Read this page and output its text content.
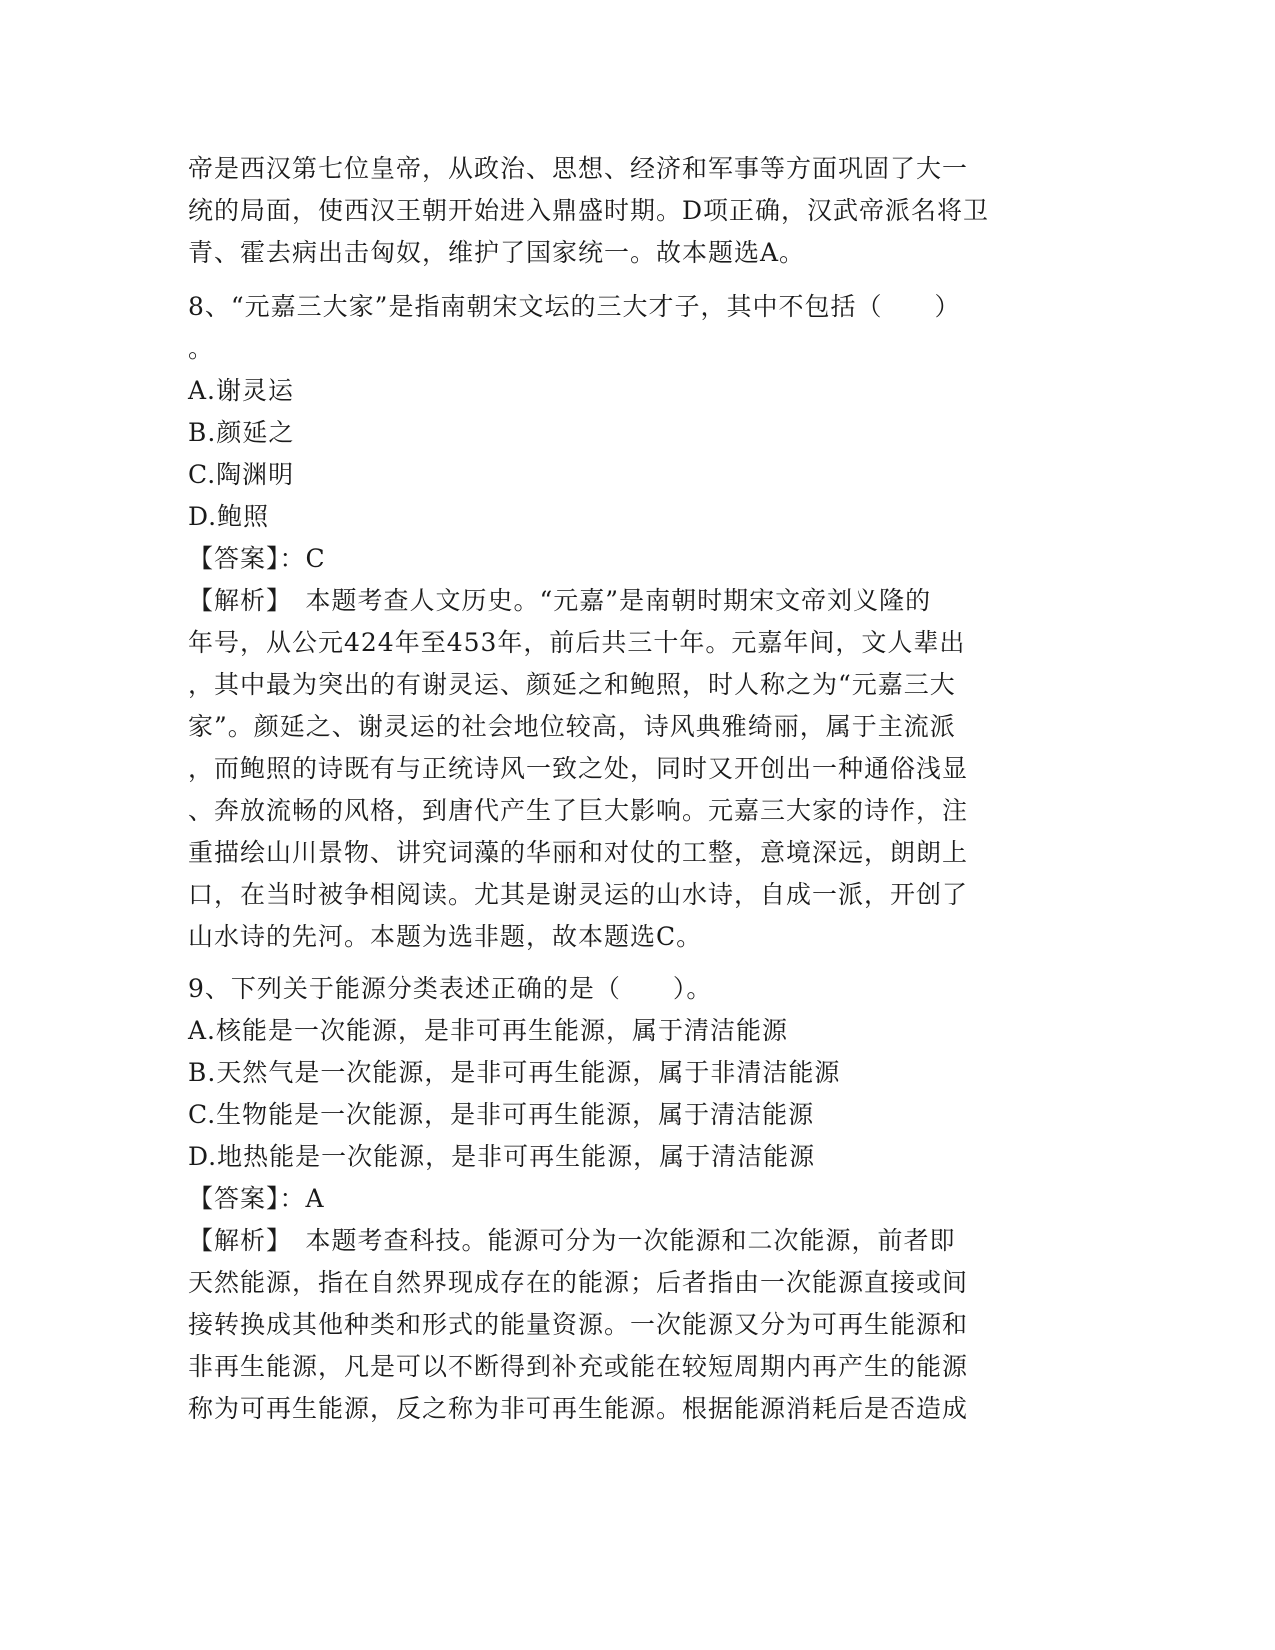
帝是西汉第七位皇帝，从政治、思想、经济和军事等方面巩固了大一
统的局面，使西汉王朝开始进入鼎盛时期。D项正确，汉武帝派名将卫
青、霍去病出击匈奴，维护了国家统一。故本题选A。
8、“元嘉三大家”是指南朝宋文坛的三大才子，其中不包括（　　）
。
A.谢灵运
B.颜延之
C.陶渊明
D.鲍照
【答案】：C
【解析】　本题考查人文历史。“元嘉”是南朝时期宋文帝刘义隆的
年号，从公元424年至453年，前后共三十年。元嘉年间，文人辈出
，其中最为突出的有谢灵运、颜延之和鲍照，时人称之为“元嘉三大
家”。颜延之、谢灵运的社会地位较高，诗风典雅绮丽，属于主流派
，而鲍照的诗既有与正统诗风一致之处，同时又开创出一种通俗浅显
、奔放流畅的风格，到唐代产生了巨大影响。元嘉三大家的诗作，注
重描绘山川景物、讲究词藻的华丽和对仗的工整，意境深远，朗朗上
口，在当时被争相阅读。尤其是谢灵运的山水诗，自成一派，开创了
山水诗的先河。本题为选非题，故本题选C。
9、下列关于能源分类表述正确的是（　　）。
A.核能是一次能源，是非可再生能源，属于清洁能源
B.天然气是一次能源，是非可再生能源，属于非清洁能源
C.生物能是一次能源，是非可再生能源，属于清洁能源
D.地热能是一次能源，是非可再生能源，属于清洁能源
【答案】：A
【解析】　本题考查科技。能源可分为一次能源和二次能源，前者即
天然能源，指在自然界现成存在的能源；后者指由一次能源直接或间
接转换成其他种类和形式的能量资源。一次能源又分为可再生能源和
非再生能源，凡是可以不断得到补充或能在较短周期内再产生的能源
称为可再生能源，反之称为非可再生能源。根据能源消耗后是否造成
